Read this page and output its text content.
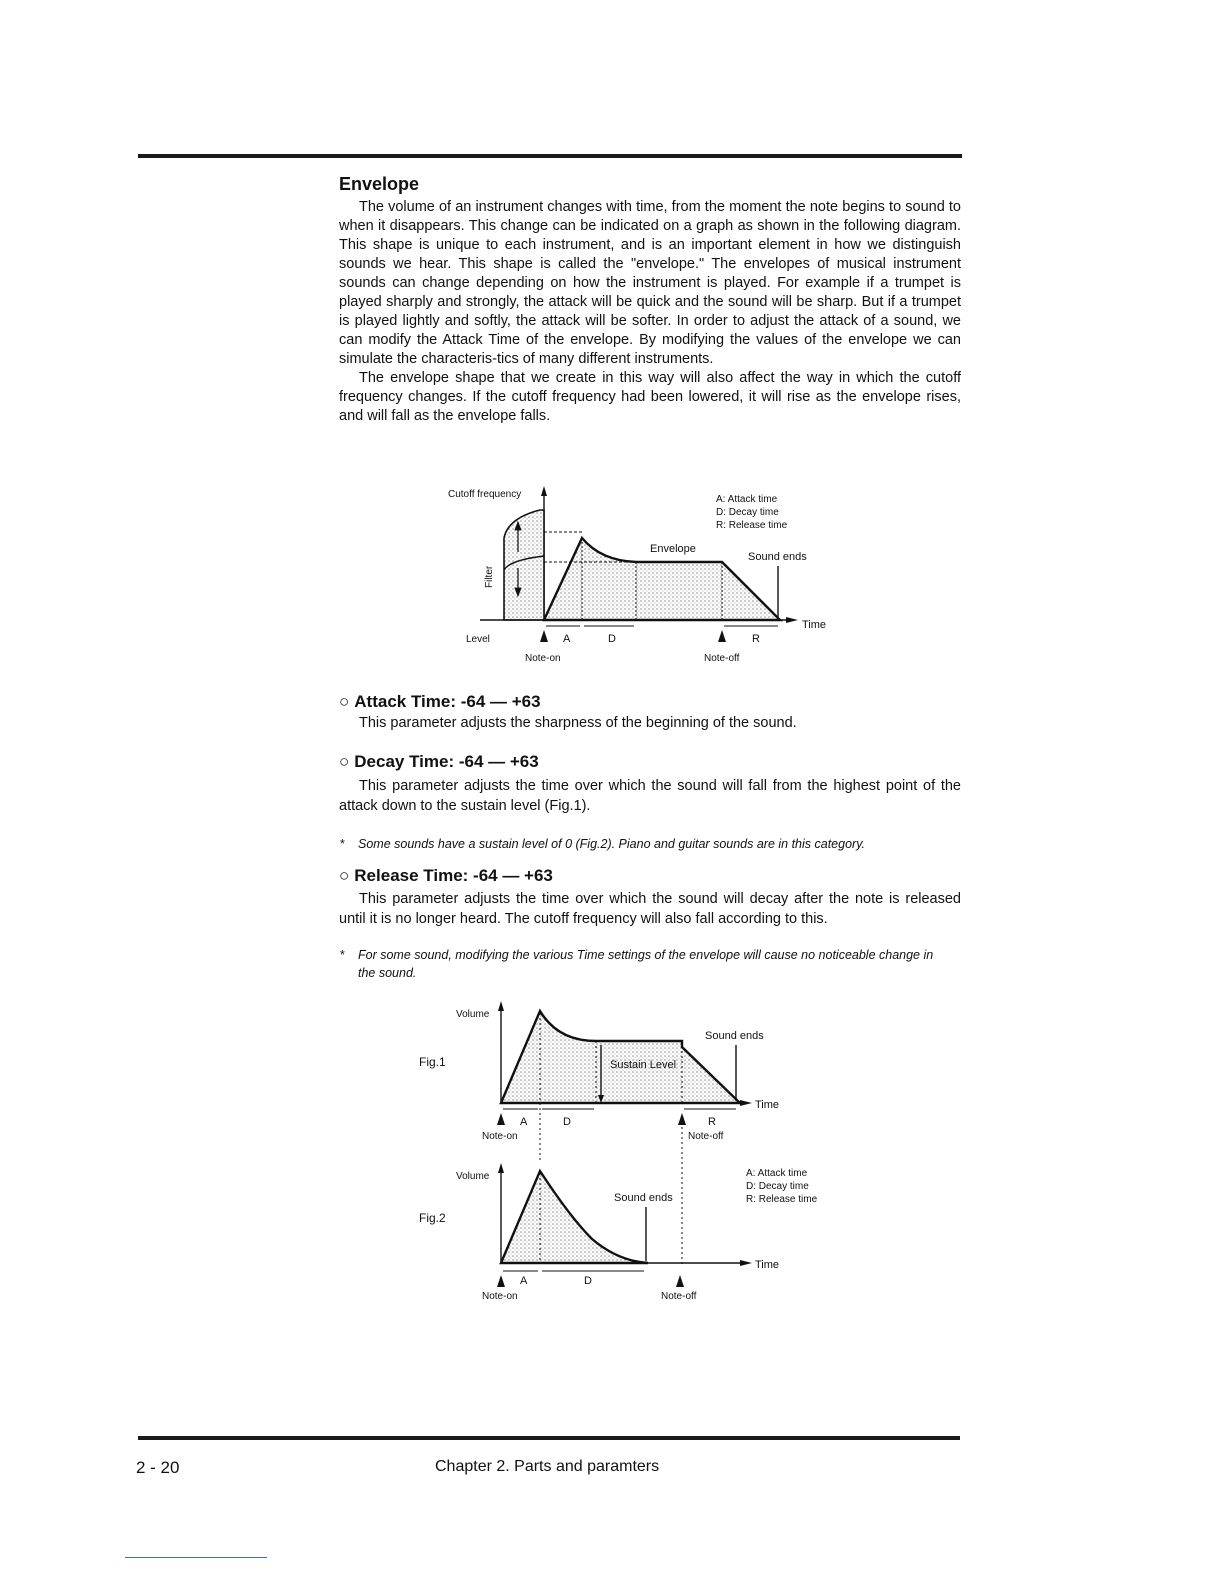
Envelope

The volume of an instrument changes with time, from the moment the note begins to sound to when it disappears. This change can be indicated on a graph as shown in the following diagram. This shape is unique to each instrument, and is an important element in how we distinguish sounds we hear. This shape is called the "envelope." The envelopes of musical instrument sounds can change depending on how the instrument is played. For example if a trumpet is played sharply and strongly, the attack will be quick and the sound will be sharp. But if a trumpet is played lightly and softly, the attack will be softer. In order to adjust the attack of a sound, we can modify the Attack Time of the envelope. By modifying the values of the envelope we can simulate the characteris-tics of many different instruments.

The envelope shape that we create in this way will also affect the way in which the cutoff frequency changes. If the cutoff frequency had been lowered, it will rise as the envelope rises, and will fall as the envelope falls.

Cutoff frequency
Filter
Level
Envelope
Sound ends
Time
A	D	R
Note-on	Note-off
A: Attack time
D: Decay time
R: Release time
○ Attack Time: -64 — +63

This parameter adjusts the sharpness of the beginning of the sound.

○ Decay Time: -64 — +63

This parameter adjusts the time over which the sound will fall from the highest point of the attack down to the sustain level (Fig.1).

*	Some sounds have a sustain level of 0 (Fig.2). Piano and guitar sounds are in this category.
○ Release Time: -64 — +63

This parameter adjusts the time over which the sound will decay after the note is released until it is no longer heard. The cutoff frequency will also fall according to this.

*	For some sound, modifying the various Time settings of the envelope will cause no noticeable change in the sound.
Fig.1
Volume
Sustain Level
Sound ends
Time
A	D	R
Note-on	Note-off
Fig.2
Volume
Sound ends
Time
A	D
Note-on	Note-off
A: Attack time
D: Decay time
R: Release time
2 - 20	Chapter 2. Parts and paramters
